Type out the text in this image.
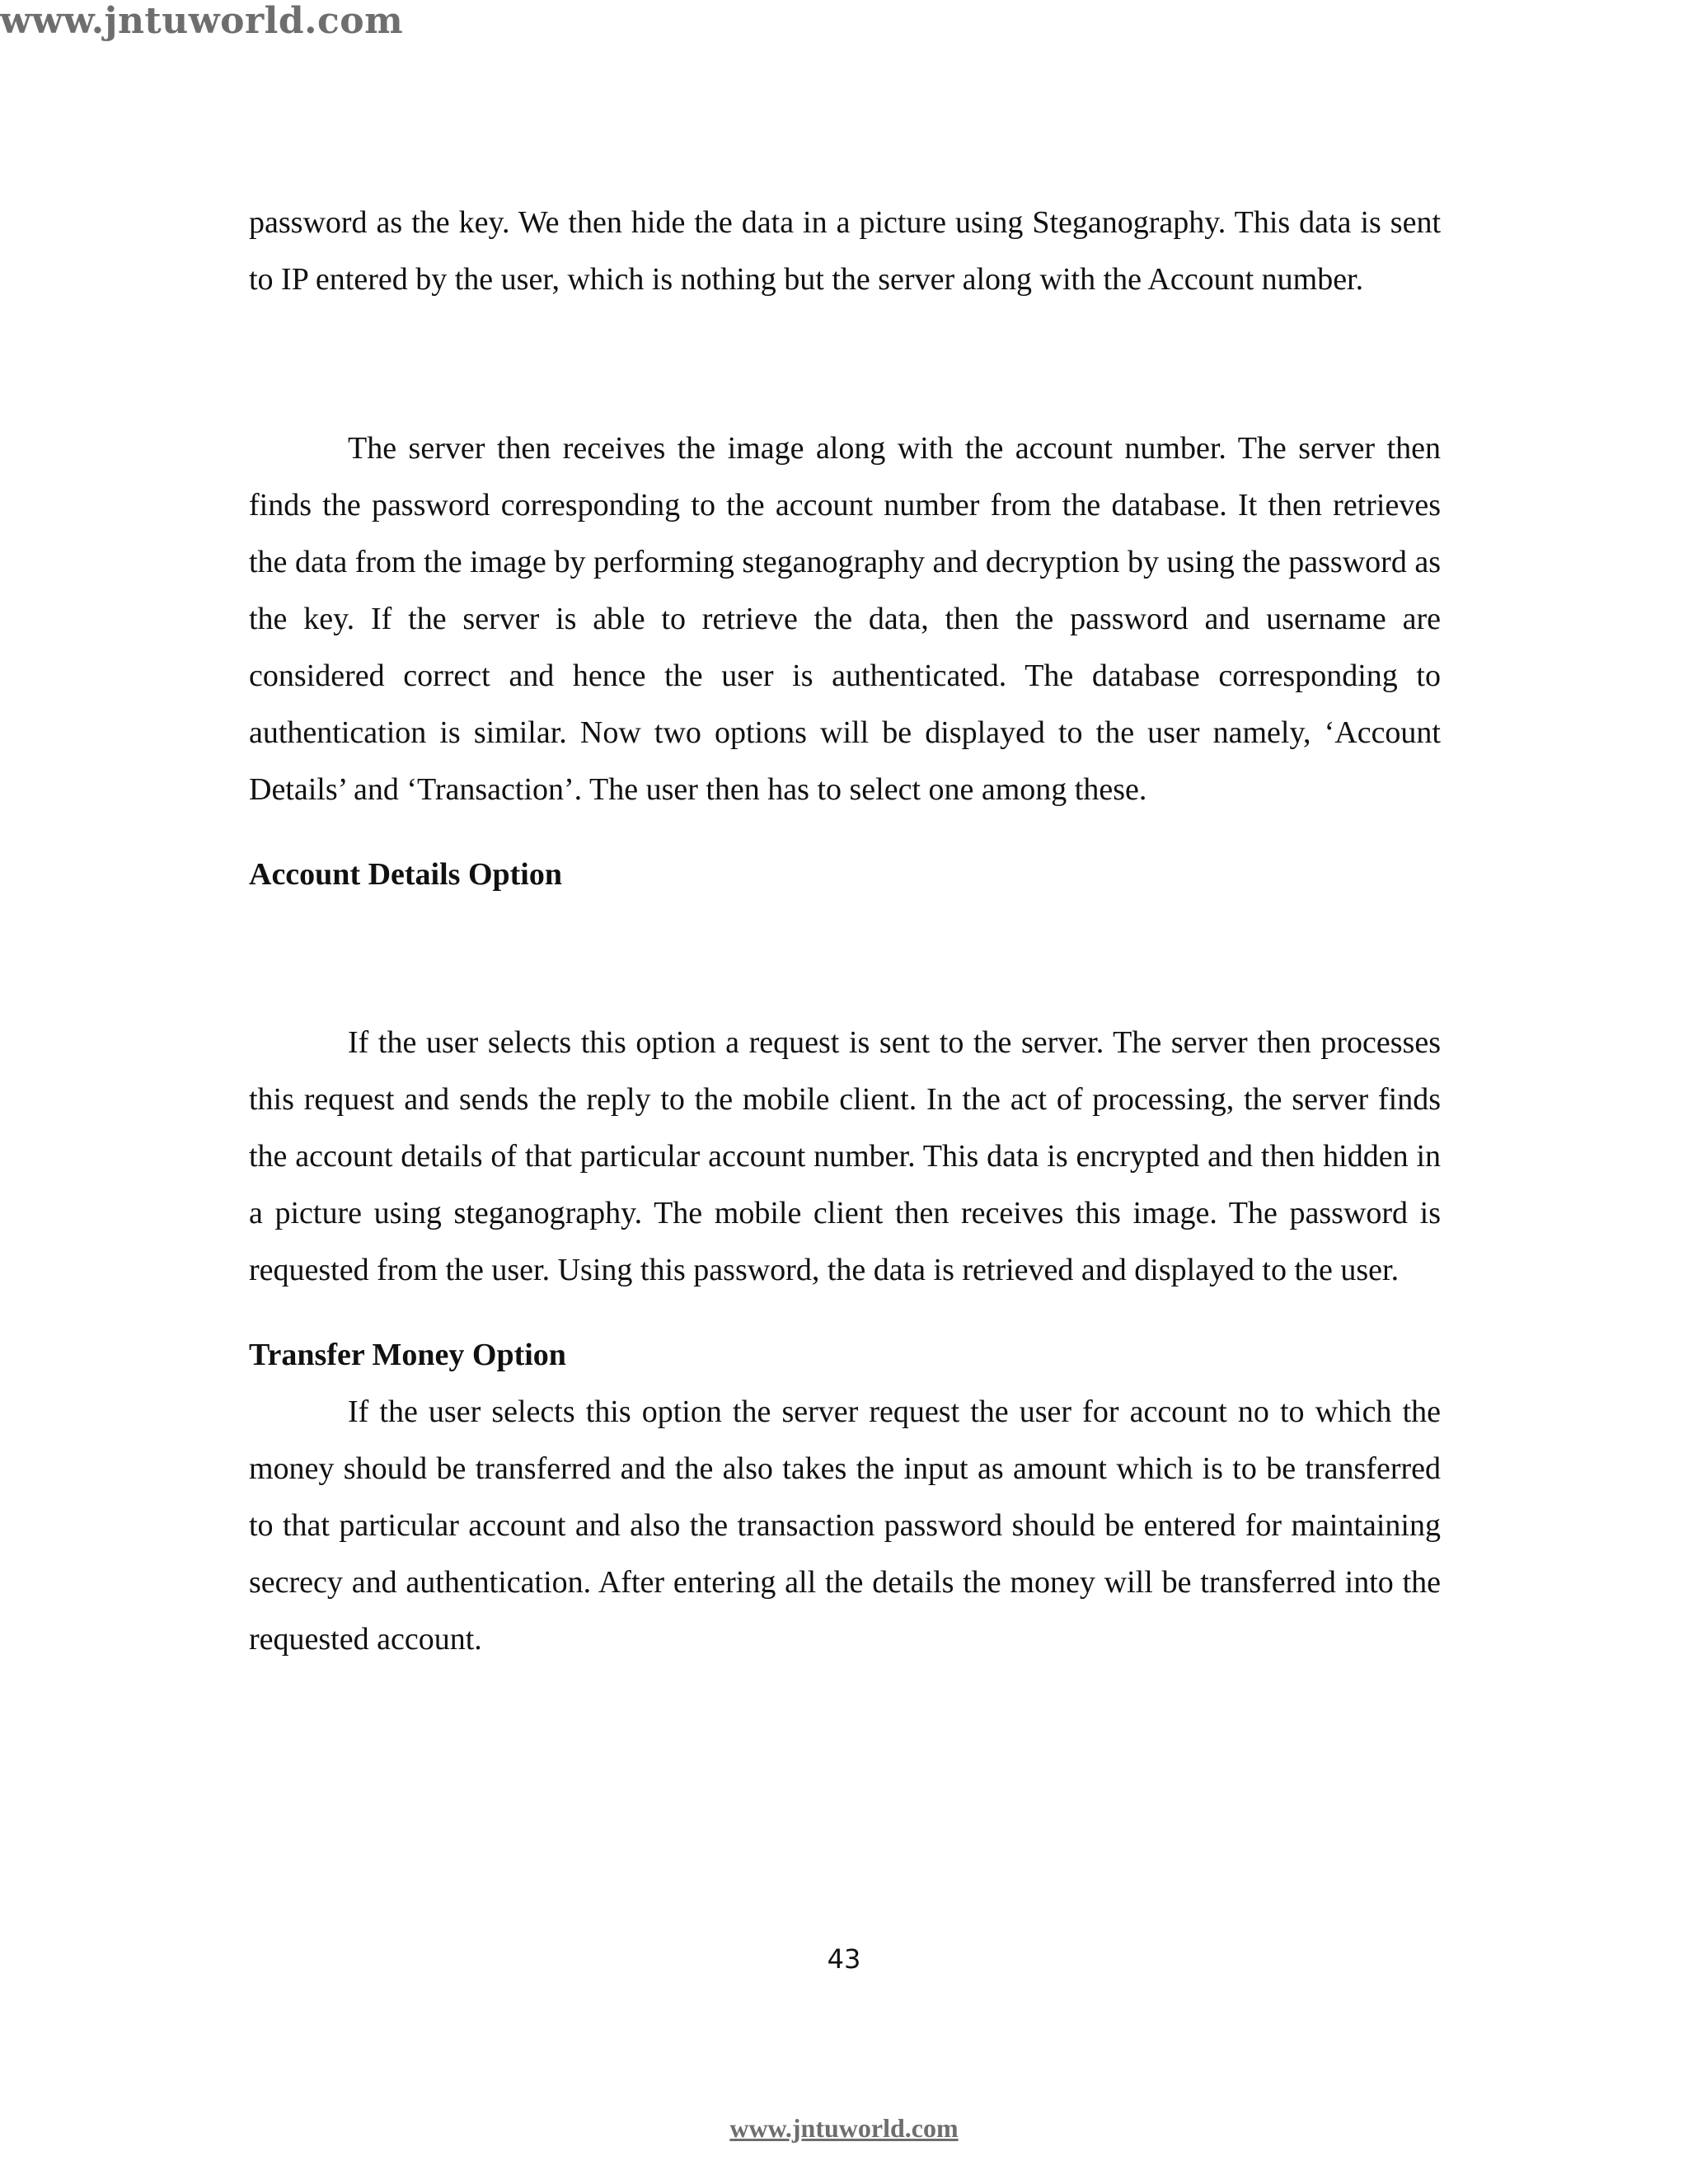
www.jntuworld.com

password as the key. We then hide the data in a picture using Steganography. This data is sent to IP entered by the user, which is nothing but the server along with the Account number.

The server then receives the image along with the account number. The server then finds the password corresponding to the account number from the database. It then retrieves the data from the image by performing steganography and decryption by using the password as the key. If the server is able to retrieve the data, then the password and username are considered correct and hence the user is authenticated. The database corresponding to authentication is similar. Now two options will be displayed to the user namely, ‘Account Details’ and ‘Transaction’. The user then has to select one among these.

Account Details Option

If the user selects this option a request is sent to the server. The server then processes this request and sends the reply to the mobile client. In the act of processing, the server finds the account details of that particular account number. This data is encrypted and then hidden in a picture using steganography. The mobile client then receives this image. The password is requested from the user. Using this password, the data is retrieved and displayed to the user.

Transfer Money Option

If the user selects this option the server request the user for account no to which the money should be transferred and the also takes the input as amount which is to be transferred to that particular account and also the transaction password should be entered for maintaining secrecy and authentication. After entering all the details the money will be transferred into the requested account.

43
www.jntuworld.com
